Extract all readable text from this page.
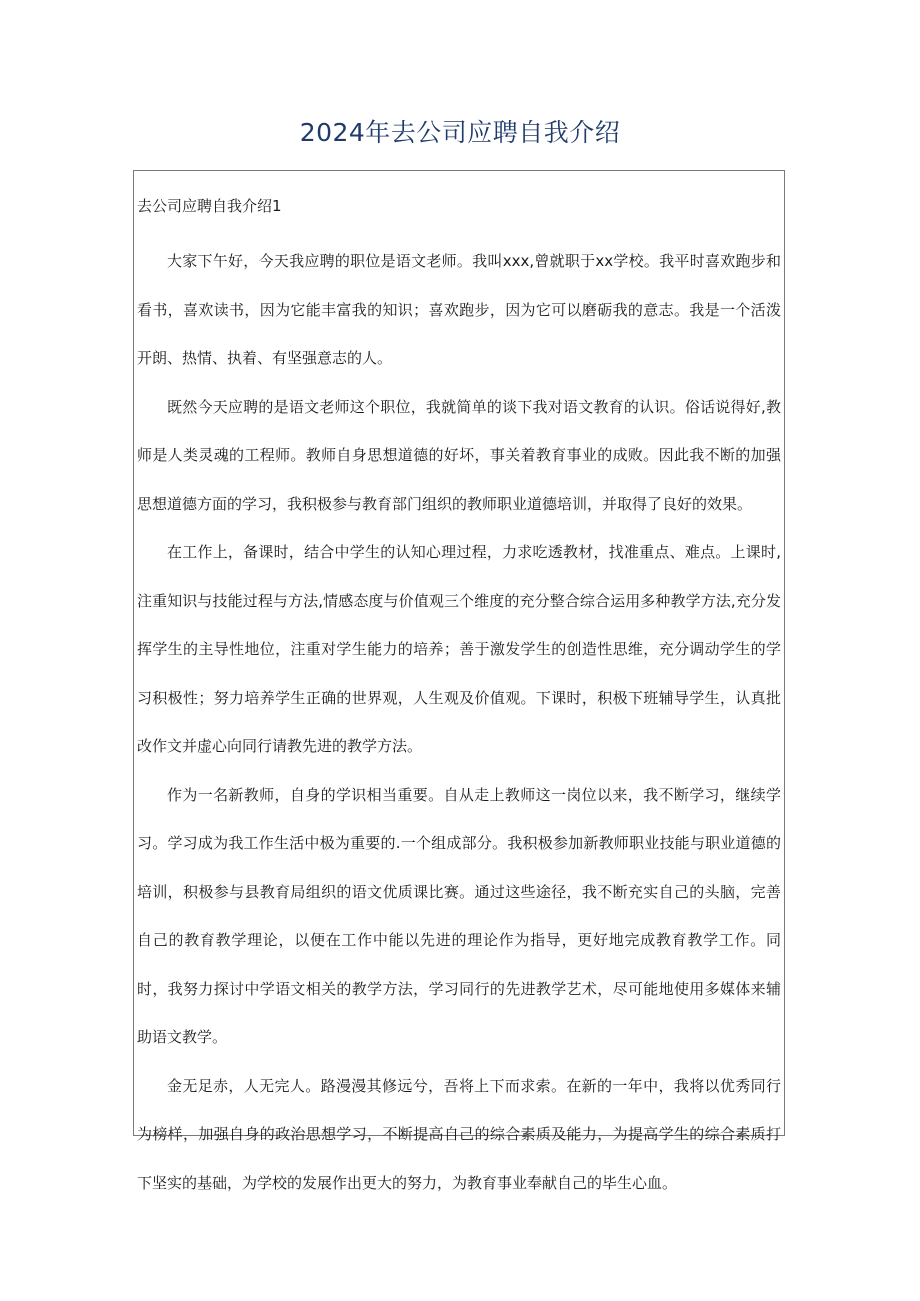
2024年去公司应聘自我介绍
去公司应聘自我介绍1

大家下午好，今天我应聘的职位是语文老师。我叫xxx,曾就职于xx学校。我平时喜欢跑步和看书，喜欢读书，因为它能丰富我的知识；喜欢跑步，因为它可以磨砺我的意志。我是一个活泼开朗、热情、执着、有坚强意志的人。

既然今天应聘的是语文老师这个职位，我就简单的谈下我对语文教育的认识。俗话说得好,教师是人类灵魂的工程师。教师自身思想道德的好坏，事关着教育事业的成败。因此我不断的加强思想道德方面的学习，我积极参与教育部门组织的教师职业道德培训，并取得了良好的效果。

在工作上，备课时，结合中学生的认知心理过程，力求吃透教材，找准重点、难点。上课时,注重知识与技能过程与方法,情感态度与价值观三个维度的充分整合综合运用多种教学方法,充分发挥学生的主导性地位，注重对学生能力的培养；善于激发学生的创造性思维，充分调动学生的学习积极性；努力培养学生正确的世界观，人生观及价值观。下课时，积极下班辅导学生，认真批改作文并虚心向同行请教先进的教学方法。

作为一名新教师，自身的学识相当重要。自从走上教师这一岗位以来，我不断学习，继续学习。学习成为我工作生活中极为重要的.一个组成部分。我积极参加新教师职业技能与职业道德的培训，积极参与县教育局组织的语文优质课比赛。通过这些途径，我不断充实自己的头脑，完善自己的教育教学理论，以便在工作中能以先进的理论作为指导，更好地完成教育教学工作。同时，我努力探讨中学语文相关的教学方法，学习同行的先进教学艺术，尽可能地使用多媒体来辅助语文教学。

金无足赤，人无完人。路漫漫其修远兮，吾将上下而求索。在新的一年中，我将以优秀同行为榜样，加强自身的政治思想学习，不断提高自己的综合素质及能力，为提高学生的综合素质打下坚实的基础，为学校的发展作出更大的努力，为教育事业奉献自己的毕生心血。
